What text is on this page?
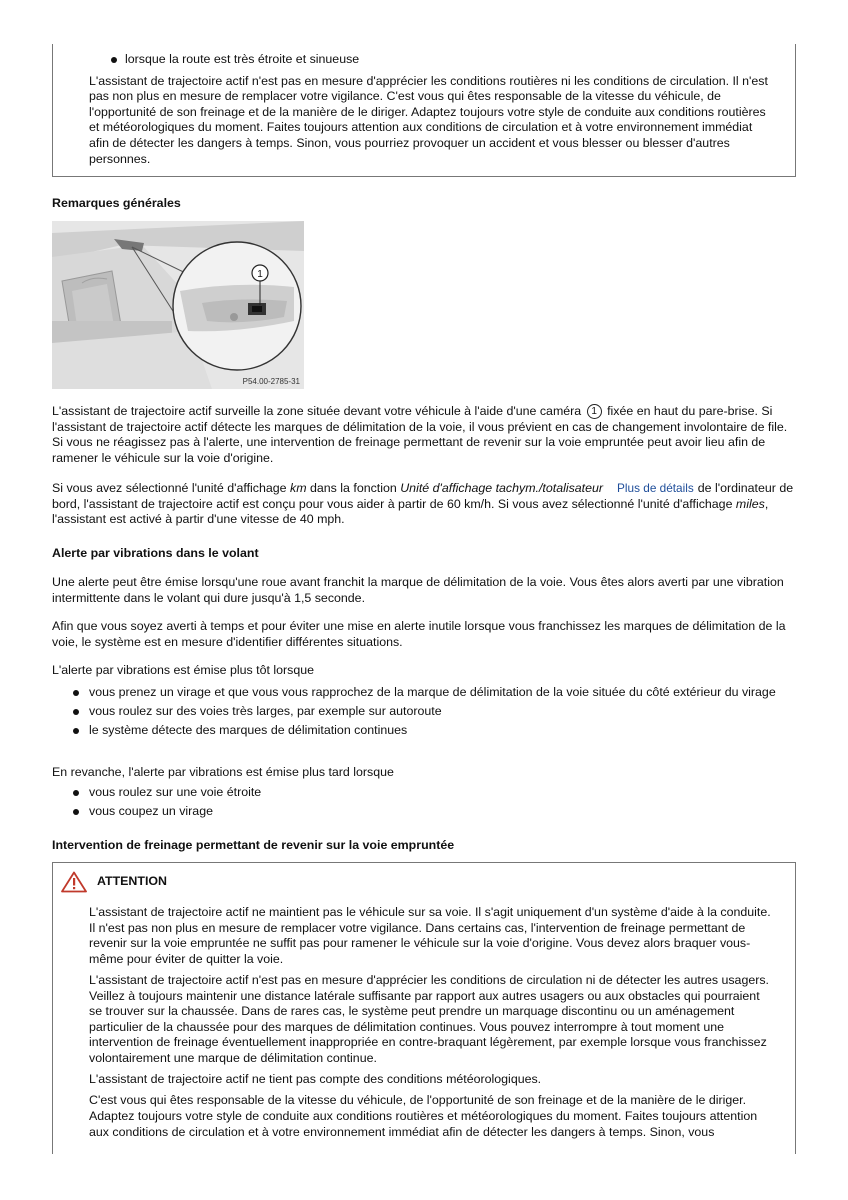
lorsque la route est très étroite et sinueuse
L'assistant de trajectoire actif n'est pas en mesure d'apprécier les conditions routières ni les conditions de circulation. Il n'est pas non plus en mesure de remplacer votre vigilance. C'est vous qui êtes responsable de la vitesse du véhicule, de l'opportunité de son freinage et de la manière de le diriger. Adaptez toujours votre style de conduite aux conditions routières et météorologiques du moment. Faites toujours attention aux conditions de circulation et à votre environnement immédiat afin de détecter les dangers à temps. Sinon, vous pourriez provoquer un accident et vous blesser ou blesser d'autres personnes.
Remarques générales
1
P54.00-2785-31
L'assistant de trajectoire actif surveille la zone située devant votre véhicule à l'aide d'une caméra 1 fixée en haut du pare-brise. Si l'assistant de trajectoire actif détecte les marques de délimitation de la voie, il vous prévient en cas de changement involontaire de file. Si vous ne réagissez pas à l'alerte, une intervention de freinage permettant de revenir sur la voie empruntée peut avoir lieu afin de ramener le véhicule sur la voie d'origine.
Si vous avez sélectionné l'unité d'affichage km dans la fonction Unité d'affichage tachym./totalisateur Plus de détails de l'ordinateur de bord, l'assistant de trajectoire actif est conçu pour vous aider à partir de 60 km/h. Si vous avez sélectionné l'unité d'affichage miles, l'assistant est activé à partir d'une vitesse de 40 mph.
Alerte par vibrations dans le volant
Une alerte peut être émise lorsqu'une roue avant franchit la marque de délimitation de la voie. Vous êtes alors averti par une vibration intermittente dans le volant qui dure jusqu'à 1,5 seconde.
Afin que vous soyez averti à temps et pour éviter une mise en alerte inutile lorsque vous franchissez les marques de délimitation de la voie, le système est en mesure d'identifier différentes situations.
L'alerte par vibrations est émise plus tôt lorsque
vous prenez un virage et que vous vous rapprochez de la marque de délimitation de la voie située du côté extérieur du virage
vous roulez sur des voies très larges, par exemple sur autoroute
le système détecte des marques de délimitation continues
En revanche, l'alerte par vibrations est émise plus tard lorsque
vous roulez sur une voie étroite
vous coupez un virage
Intervention de freinage permettant de revenir sur la voie empruntée
ATTENTION
L'assistant de trajectoire actif ne maintient pas le véhicule sur sa voie. Il s'agit uniquement d'un système d'aide à la conduite. Il n'est pas non plus en mesure de remplacer votre vigilance. Dans certains cas, l'intervention de freinage permettant de revenir sur la voie empruntée ne suffit pas pour ramener le véhicule sur la voie d'origine. Vous devez alors braquer vous-même pour éviter de quitter la voie.
L'assistant de trajectoire actif n'est pas en mesure d'apprécier les conditions de circulation ni de détecter les autres usagers. Veillez à toujours maintenir une distance latérale suffisante par rapport aux autres usagers ou aux obstacles qui pourraient se trouver sur la chaussée. Dans de rares cas, le système peut prendre un marquage discontinu ou un aménagement particulier de la chaussée pour des marques de délimitation continues. Vous pouvez interrompre à tout moment une intervention de freinage éventuellement inappropriée en contre-braquant légèrement, par exemple lorsque vous franchissez volontairement une marque de délimitation continue.
L'assistant de trajectoire actif ne tient pas compte des conditions météorologiques.
C'est vous qui êtes responsable de la vitesse du véhicule, de l'opportunité de son freinage et de la manière de le diriger. Adaptez toujours votre style de conduite aux conditions routières et météorologiques du moment. Faites toujours attention aux conditions de circulation et à votre environnement immédiat afin de détecter les dangers à temps. Sinon, vous
